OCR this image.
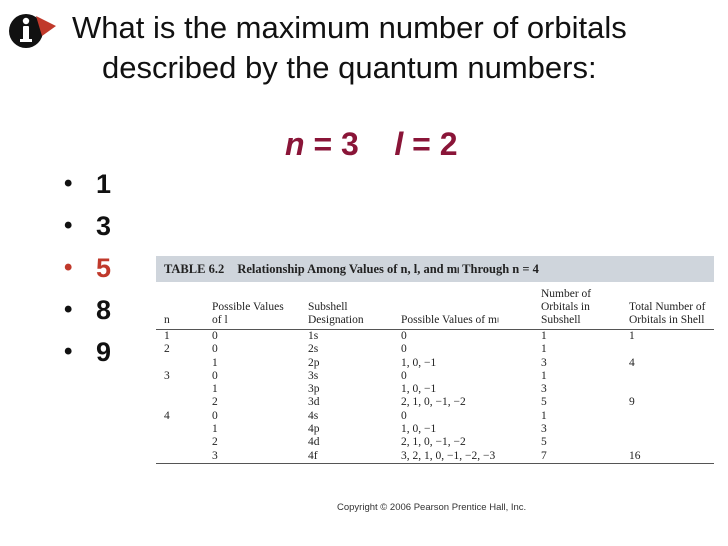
What is the maximum number of orbitals
described by the quantum numbers:
n = 3 l = 2
• 1
• 3
• 5
• 8
• 9
TABLE 6.2 Relationship Among Values of n, l, and mₗ Through n = 4
n	Possible Values of l	Subshell Designation	Possible Values of mₗ	Number of Orbitals in Subshell	Total Number of Orbitals in Shell
1	0	1s	0	1	1
2	0	2s	0	1	
	1	2p	1, 0, −1	3	4
3	0	3s	0	1	
	1	3p	1, 0, −1	3	
	2	3d	2, 1, 0, −1, −2	5	9
4	0	4s	0	1	
	1	4p	1, 0, −1	3	
	2	4d	2, 1, 0, −1, −2	5	
	3	4f	3, 2, 1, 0, −1, −2, −3	7	16
Copyright © 2006 Pearson Prentice Hall, Inc.
